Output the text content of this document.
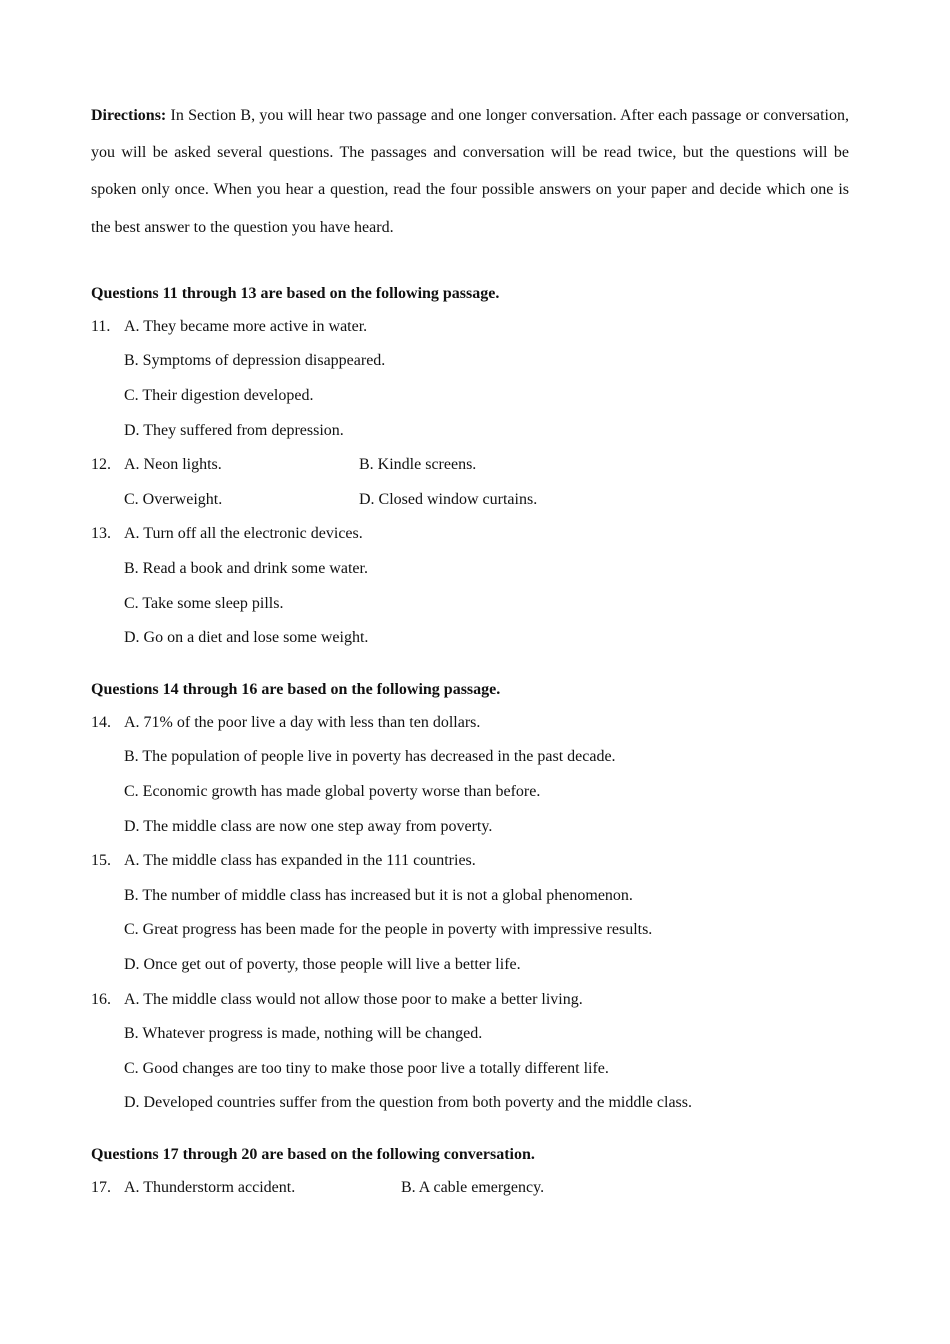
Directions: In Section B, you will hear two passage and one longer conversation. After each passage or conversation, you will be asked several questions. The passages and conversation will be read twice, but the questions will be spoken only once. When you hear a question, read the four possible answers on your paper and decide which one is the best answer to the question you have heard.

Questions 11 through 13 are based on the following passage.
11. A. They became more active in water.
B. Symptoms of depression disappeared.
C. Their digestion developed.
D. They suffered from depression.
12. A. Neon lights.	B. Kindle screens.
C. Overweight.	D. Closed window curtains.
13. A. Turn off all the electronic devices.
B. Read a book and drink some water.
C. Take some sleep pills.
D. Go on a diet and lose some weight.
Questions 14 through 16 are based on the following passage.
14. A. 71% of the poor live a day with less than ten dollars.
B. The population of people live in poverty has decreased in the past decade.
C. Economic growth has made global poverty worse than before.
D. The middle class are now one step away from poverty.
15. A. The middle class has expanded in the 111 countries.
B. The number of middle class has increased but it is not a global phenomenon.
C. Great progress has been made for the people in poverty with impressive results.
D. Once get out of poverty, those people will live a better life.
16. A. The middle class would not allow those poor to make a better living.
B. Whatever progress is made, nothing will be changed.
C. Good changes are too tiny to make those poor live a totally different life.
D. Developed countries suffer from the question from both poverty and the middle class.
Questions 17 through 20 are based on the following conversation.
17. A. Thunderstorm accident.	B. A cable emergency.
